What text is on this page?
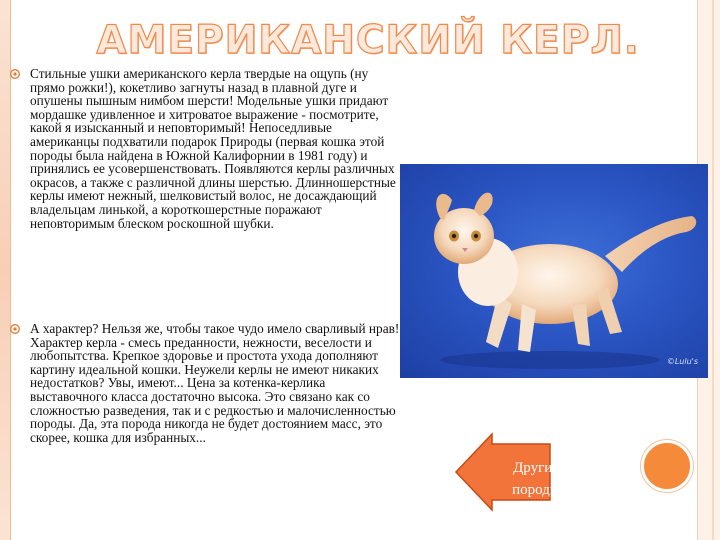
АМЕРИКАНСКИЙ КЕРЛ.
Стильные ушки американского керла твердые на ощупь (ну прямо рожки!), кокетливо загнуты назад в плавной дуге и опушены пышным нимбом шерсти! Модельные ушки придают мордашке удивленное и хитроватое выражение - посмотрите, какой я изысканный и неповторимый! Непоседливые американцы подхватили подарок Природы (первая кошка этой породы была найдена в Южной Калифорнии в 1981 году) и принялись ее усовершенствовать. Появляются керлы различных окрасов, а также с различной длины шерстью. Длинношерстные керлы имеют нежный, шелковистый волос, не досаждающий владельцам линькой, а короткошерстные поражают неповторимым блеском роскошной шубки.
А характер? Нельзя же, чтобы такое чудо имело сварливый нрав! Характер керла - смесь преданности, нежности, веселости и любопытства. Крепкое здоровье и простота ухода дополняют картину идеальной кошки. Неужели керлы не имеют никаких недостатков? Увы, имеют... Цена за котенка-керлика выставочного класса достаточно высока. Это связано как со сложностью разведения, так и с редкостью и малочисленностью породы. Да, эта порода никогда не будет достоянием масс, это скорее, кошка для избранных...
©Lulu's
Другие породы
